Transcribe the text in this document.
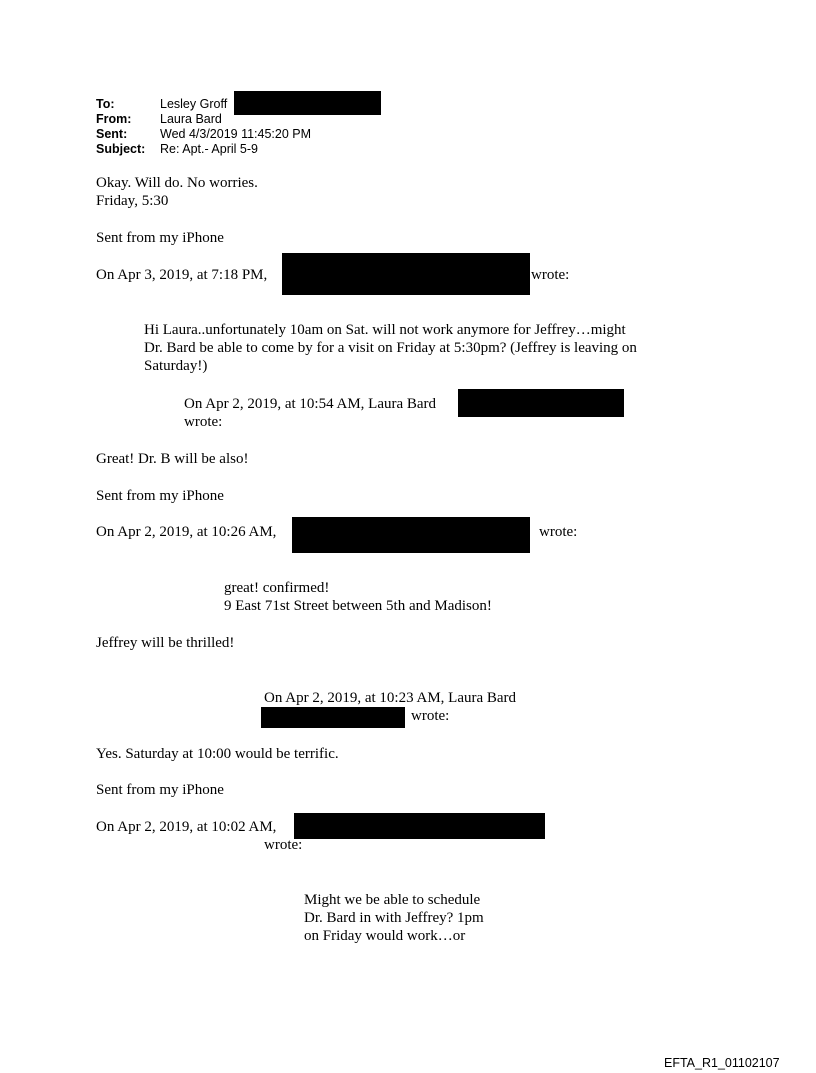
To:	Lesley Groff
From: Laura Bard
Sent:	Wed 4/3/2019 11:45:20 PM
Subject: Re: Apt.- April 5-9
Okay. Will do. No worries.
Friday, 5:30
Sent from my iPhone
On Apr 3, 2019, at 7:18 PM,	wrote:
Hi Laura..unfortunately 10am on Sat. will not work anymore for Jeffrey…might
Dr. Bard be able to come by for a visit on Friday at 5:30pm? (Jeffrey is leaving on
Saturday!)
On Apr 2, 2019, at 10:54 AM, Laura Bard
wrote:
Great! Dr. B will be also!
Sent from my iPhone
On Apr 2, 2019, at 10:26 AM,	wrote:
great! confirmed!
9 East 71st Street between 5th and Madison!
Jeffrey will be thrilled!
On Apr 2, 2019, at 10:23 AM, Laura Bard
wrote:
Yes. Saturday at 10:00 would be terrific.
Sent from my iPhone
On Apr 2, 2019, at 10:02 AM,
wrote:
Might we be able to schedule
Dr. Bard in with Jeffrey? 1pm
on Friday would work…or
EFTA_R1_01102107
